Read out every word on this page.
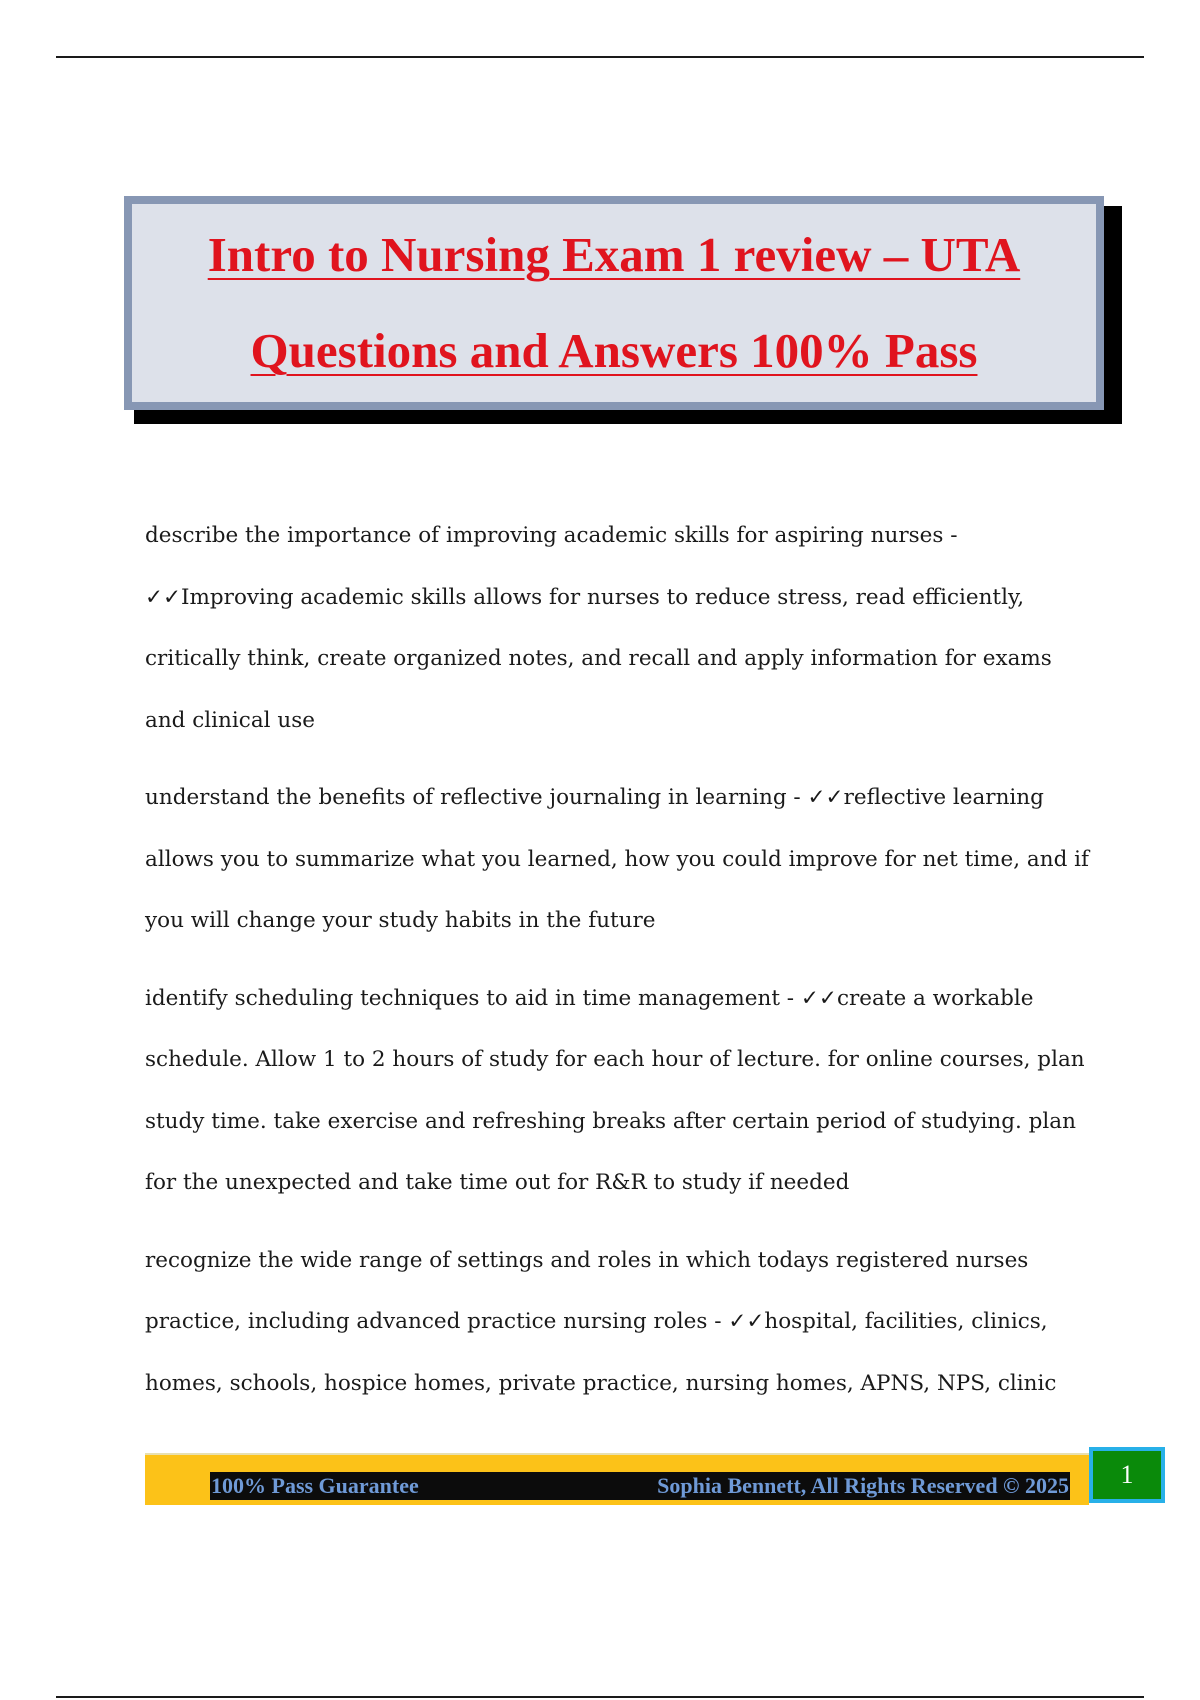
Intro to Nursing Exam 1 review – UTA
Questions and Answers 100% Pass

describe the importance of improving academic skills for aspiring nurses - ✓✓Improving academic skills allows for nurses to reduce stress, read efficiently, critically think, create organized notes, and recall and apply information for exams and clinical use

understand the benefits of reflective journaling in learning - ✓✓reflective learning allows you to summarize what you learned, how you could improve for net time, and if you will change your study habits in the future

identify scheduling techniques to aid in time management - ✓✓create a workable schedule. Allow 1 to 2 hours of study for each hour of lecture. for online courses, plan study time. take exercise and refreshing breaks after certain period of studying. plan for the unexpected and take time out for R&R to study if needed

recognize the wide range of settings and roles in which todays registered nurses practice, including advanced practice nursing roles - ✓✓hospital, facilities, clinics, homes, schools, hospice homes, private practice, nursing homes, APNS, NPS, clinic

100% Pass Guarantee	Sophia Bennett, All Rights Reserved © 2025 1
